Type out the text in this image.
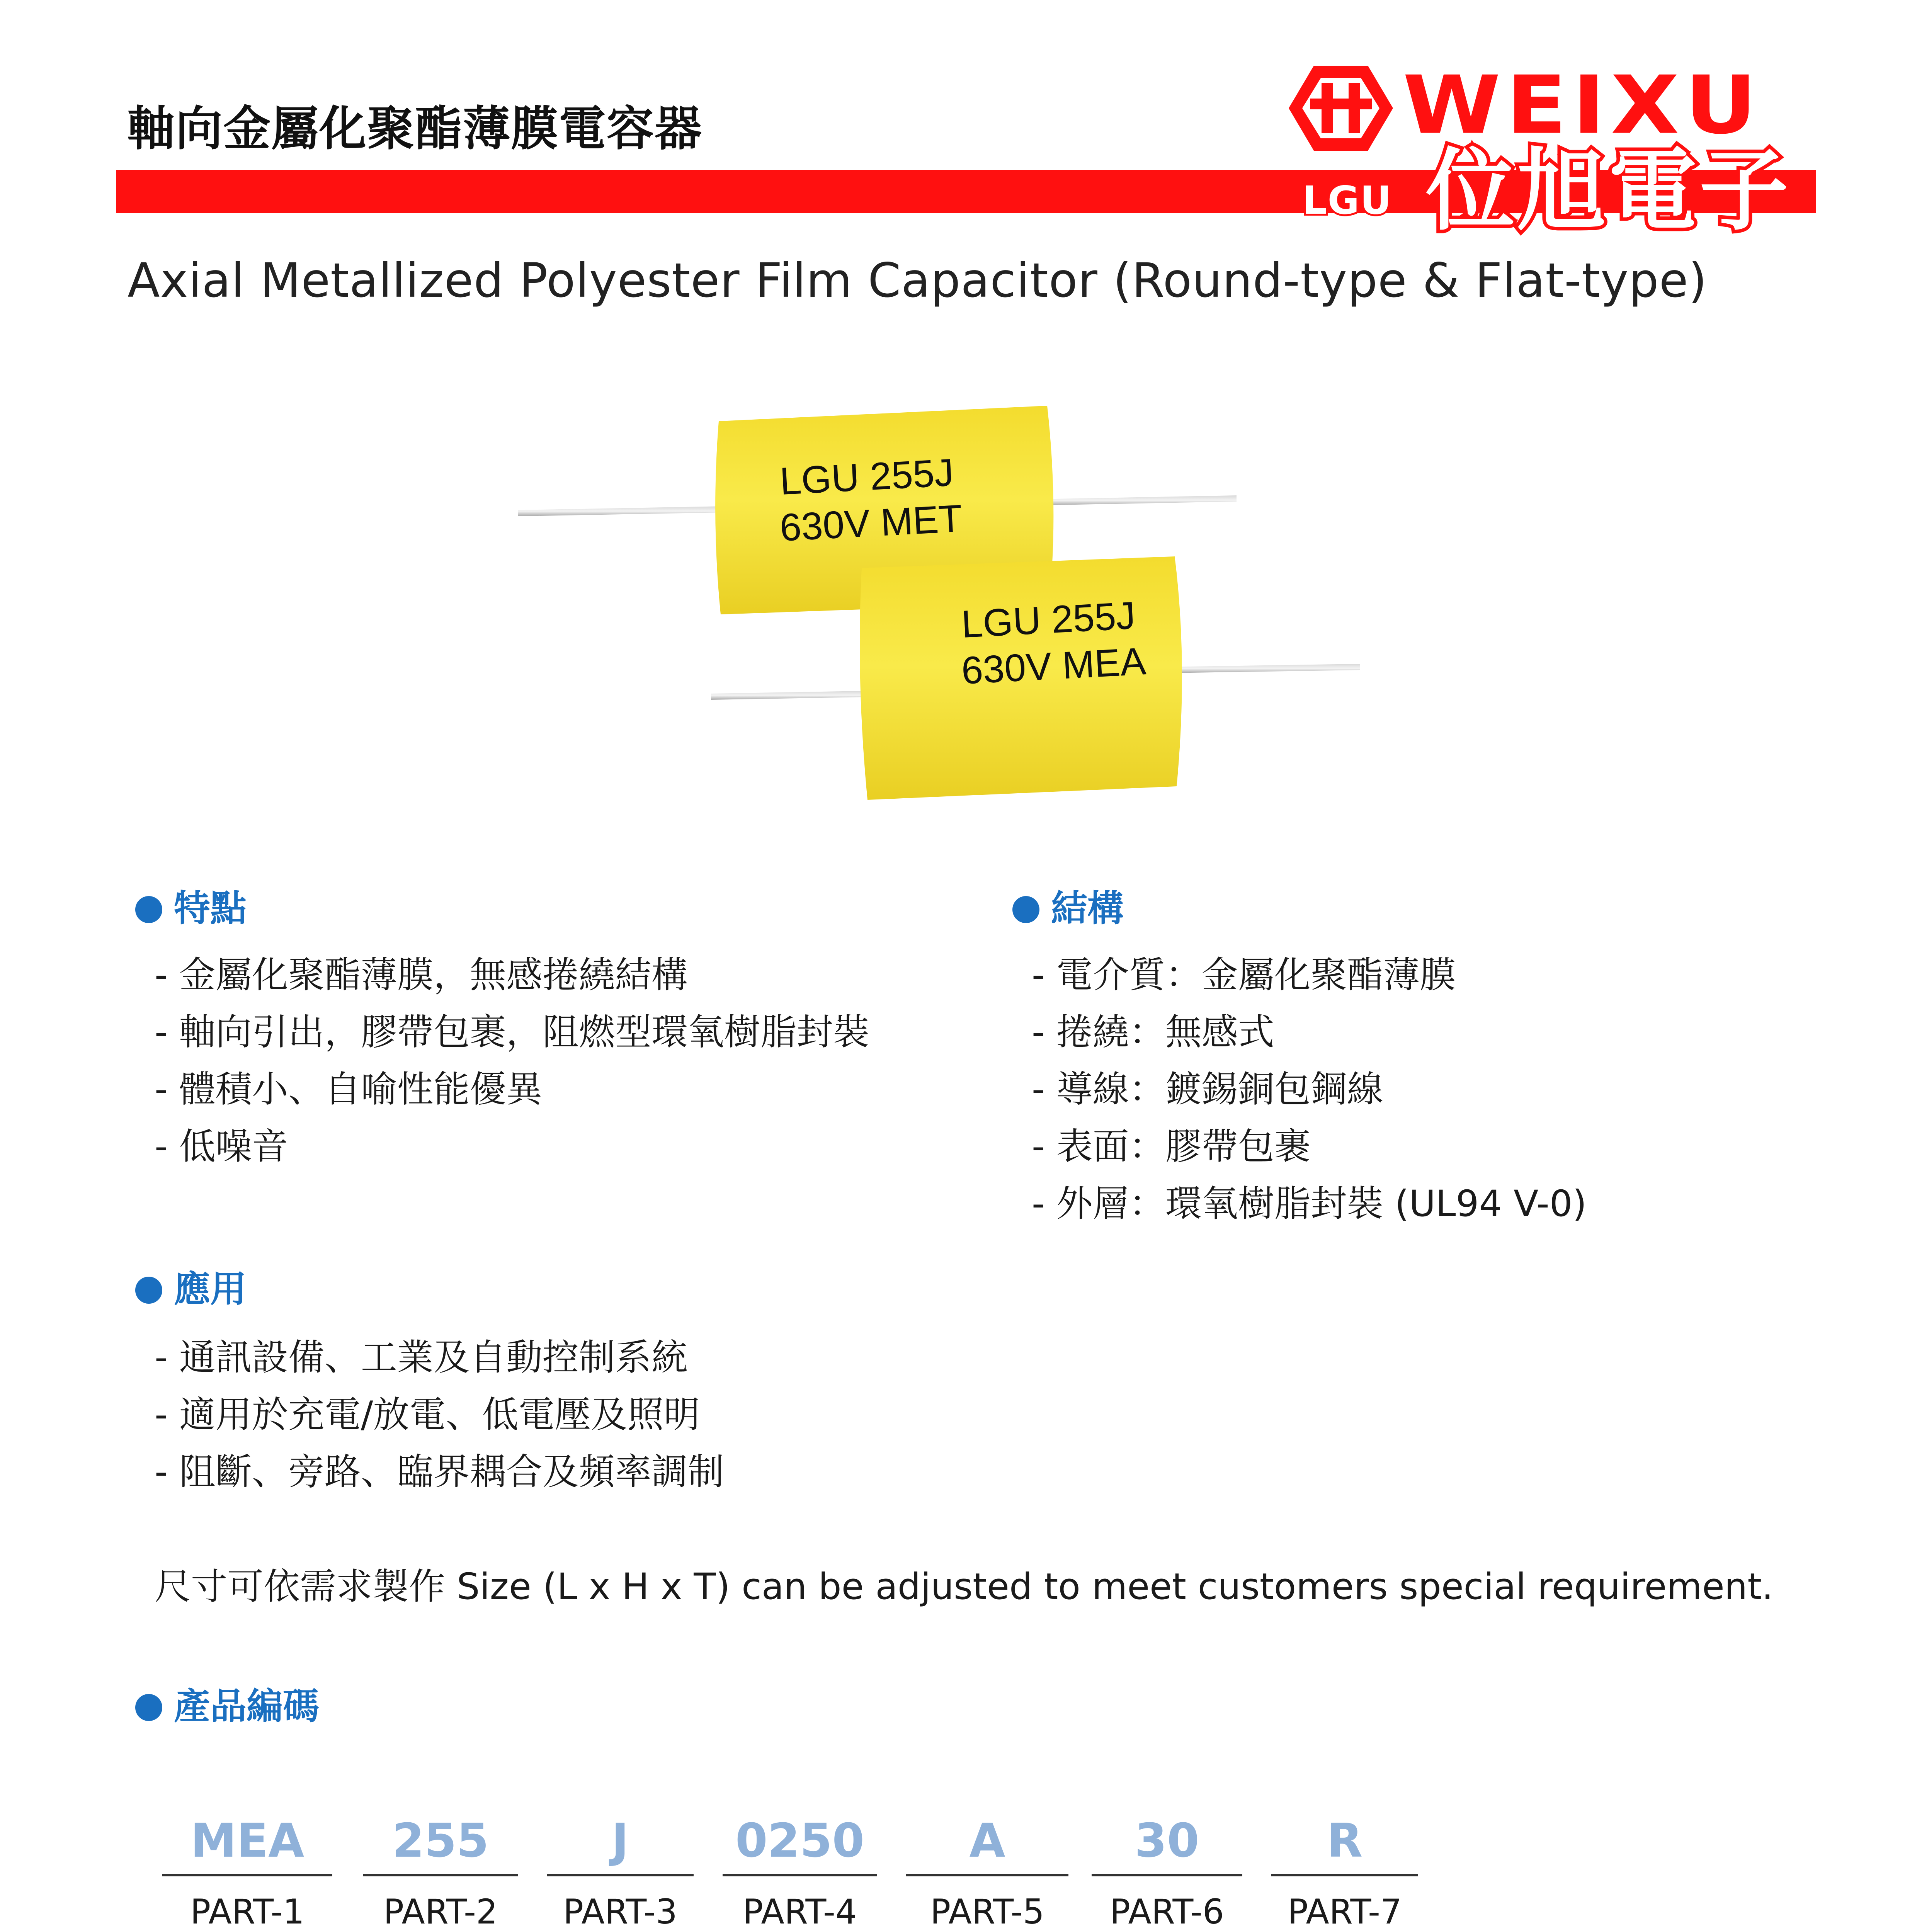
軸向金屬化聚酯薄膜電容器
LGU
WEIXU
位旭電子
Axial Metallized Polyester Film Capacitor (Round-type & Flat-type)
LGU 255J
630V MET
LGU 255J
630V MEA
特點
- 金屬化聚酯薄膜，無感捲繞結構
- 軸向引出，膠帶包裹，阻燃型環氧樹脂封裝
- 體積小、自喻性能優異
- 低噪音
結構
- 電介質：金屬化聚酯薄膜
- 捲繞：無感式
- 導線：鍍錫銅包鋼線
- 表面：膠帶包裹
- 外層：環氧樹脂封裝 (UL94 V-0)
應用
- 通訊設備、工業及自動控制系統
- 適用於充電/放電、低電壓及照明
- 阻斷、旁路、臨界耦合及頻率調制
尺寸可依需求製作 Size (L x H x T) can be adjusted to meet customers special requirement.
產品編碼
MEA
PART-1
255
PART-2
J
PART-3
0250
PART-4
A
PART-5
30
PART-6
R
PART-7
